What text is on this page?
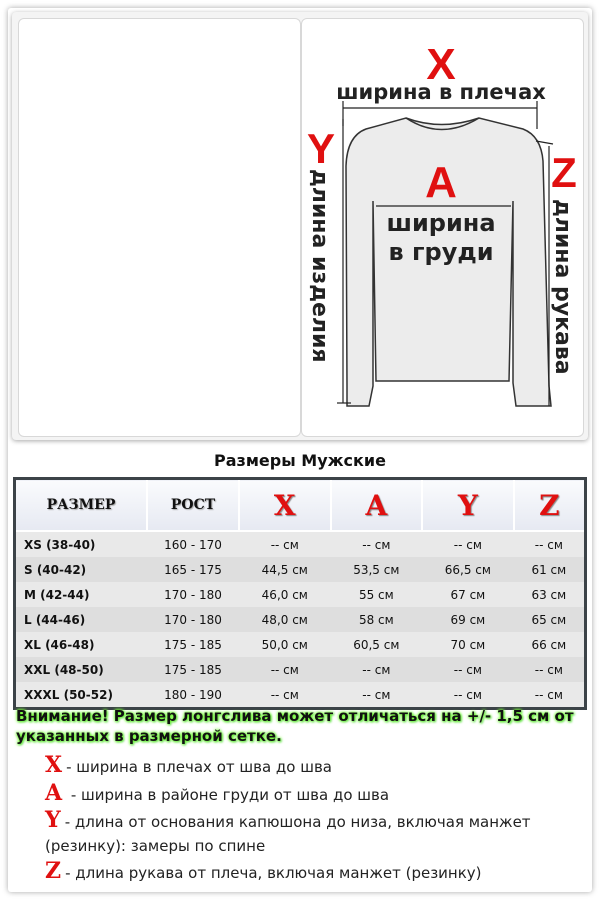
X
ширина в плечах
A
ширина
в груди
Y
длина изделия	Z
длина рукава
Размеры Мужские
РАЗМЕР	РОСТ	X	A	Y	Z
XS (38-40)	160 - 170	-- см	-- см	-- см	-- см
S (40-42)	165 - 175	44,5 см	53,5 см	66,5 см	61 см
M (42-44)	170 - 180	46,0 см	55 см	67 см	63 см
L (44-46)	170 - 180	48,0 см	58 см	69 см	65 см
XL (46-48)	175 - 185	50,0 см	60,5 см	70 см	66 см
XXL (48-50)	175 - 185	-- см	-- см	-- см	-- см
XXXL (50-52)	180 - 190	-- см	-- см	-- см	-- см
Внимание! Размер лонгслива может отличаться на +/- 1,5 см от указанных в размерной сетке.
X - ширина в плечах от шва до шва
A - ширина в районе груди от шва до шва
Y - длина от основания капюшона до низа, включая манжет (резинку): замеры по спине
Z - длина рукава от плеча, включая манжет (резинку)
